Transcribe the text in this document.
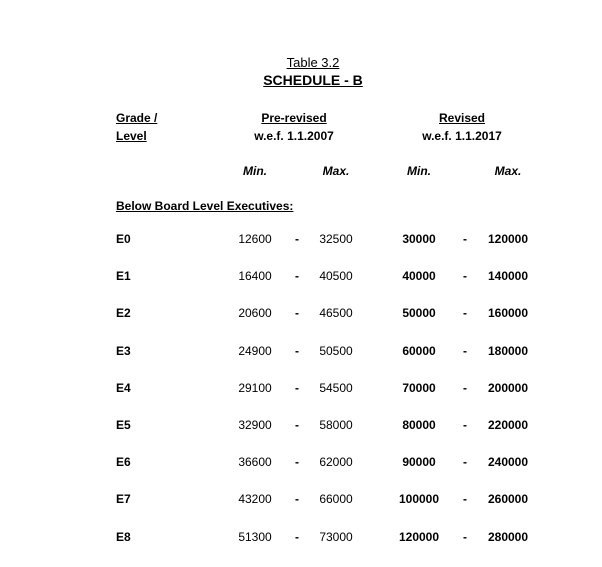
Table 3.2
SCHEDULE - B
Grade /
Level
Pre-revised
w.e.f. 1.1.2007
Revised
w.e.f. 1.1.2017
Min.	Max.	Min.	Max.
Below Board Level Executives:
E0	12600 - 32500	30000 - 120000
E1	16400 - 40500	40000 - 140000
E2	20600 - 46500	50000 - 160000
E3	24900 - 50500	60000 - 180000
E4	29100 - 54500	70000 - 200000
E5	32900 - 58000	80000 - 220000
E6	36600 - 62000	90000 - 240000
E7	43200 - 66000	100000 - 260000
E8	51300 - 73000	120000 - 280000
